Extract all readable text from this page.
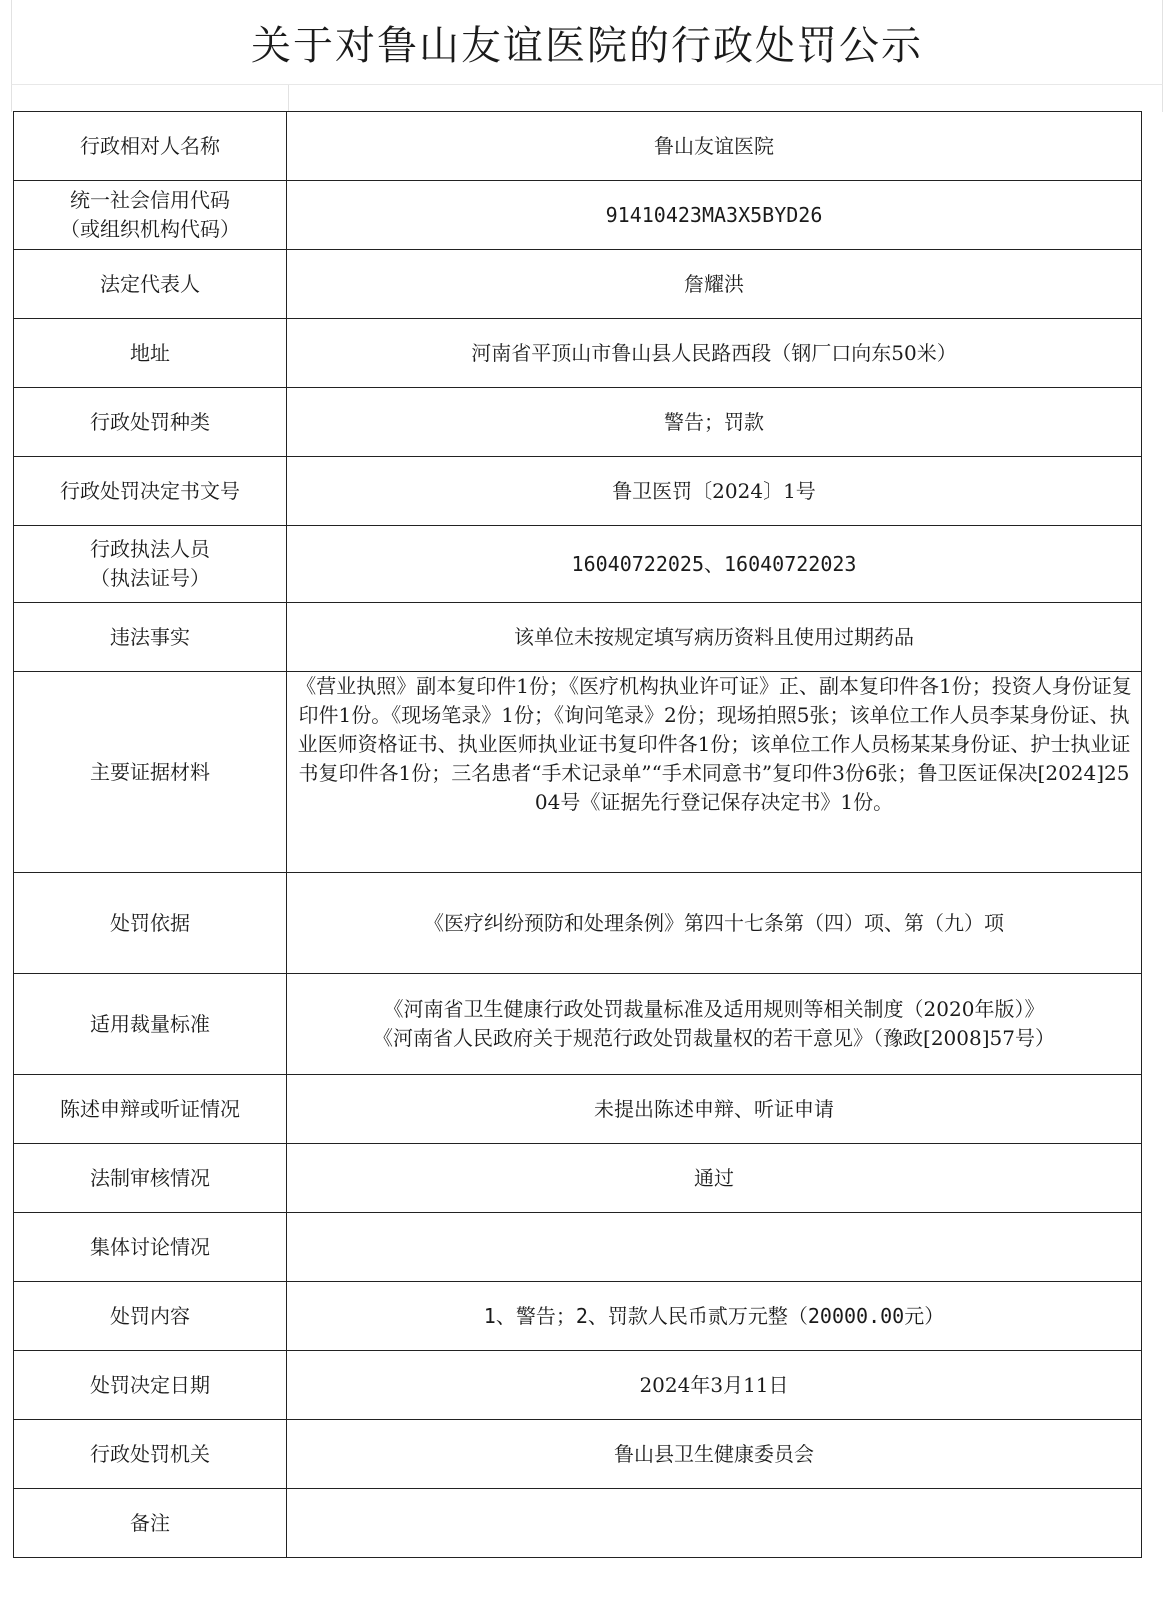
关于对鲁山友谊医院的行政处罚公示
行政相对人名称	鲁山友谊医院

统一社会信用代码
（或组织机构代码）	91410423MA3X5BYD26
法定代表人	詹耀洪
地址	河南省平顶山市鲁山县人民路西段（钢厂口向东50米）
行政处罚种类	警告；罚款
行政处罚决定书文号	鲁卫医罚〔2024〕1号

行政执法人员
（执法证号）	16040722025、16040722023
违法事实	该单位未按规定填写病历资料且使用过期药品
主要证据材料	《营业执照》副本复印件1份；《医疗机构执业许可证》正、副本复印件各1份；投资人身份证复印件1份。《现场笔录》1份；《询问笔录》2份；现场拍照5张；该单位工作人员李某身份证、执业医师资格证书、执业医师执业证书复印件各1份；该单位工作人员杨某某身份证、护士执业证书复印件各1份；三名患者“手术记录单”“手术同意书”复印件3份6张；鲁卫医证保决[2024]2504号《证据先行登记保存决定书》1份。
处罚依据	《医疗纠纷预防和处理条例》第四十七条第（四）项、第（九）项
适用裁量标准	《河南省卫生健康行政处罚裁量标准及适用规则等相关制度（2020年版）》
《河南省人民政府关于规范行政处罚裁量权的若干意见》（豫政[2008]57号）

陈述申辩或听证情况	未提出陈述申辩、听证申请
法制审核情况	通过
集体讨论情况	
处罚内容	1、警告；2、罚款人民币贰万元整（20000.00元）
处罚决定日期	2024年3月11日
行政处罚机关	鲁山县卫生健康委员会
备注	
